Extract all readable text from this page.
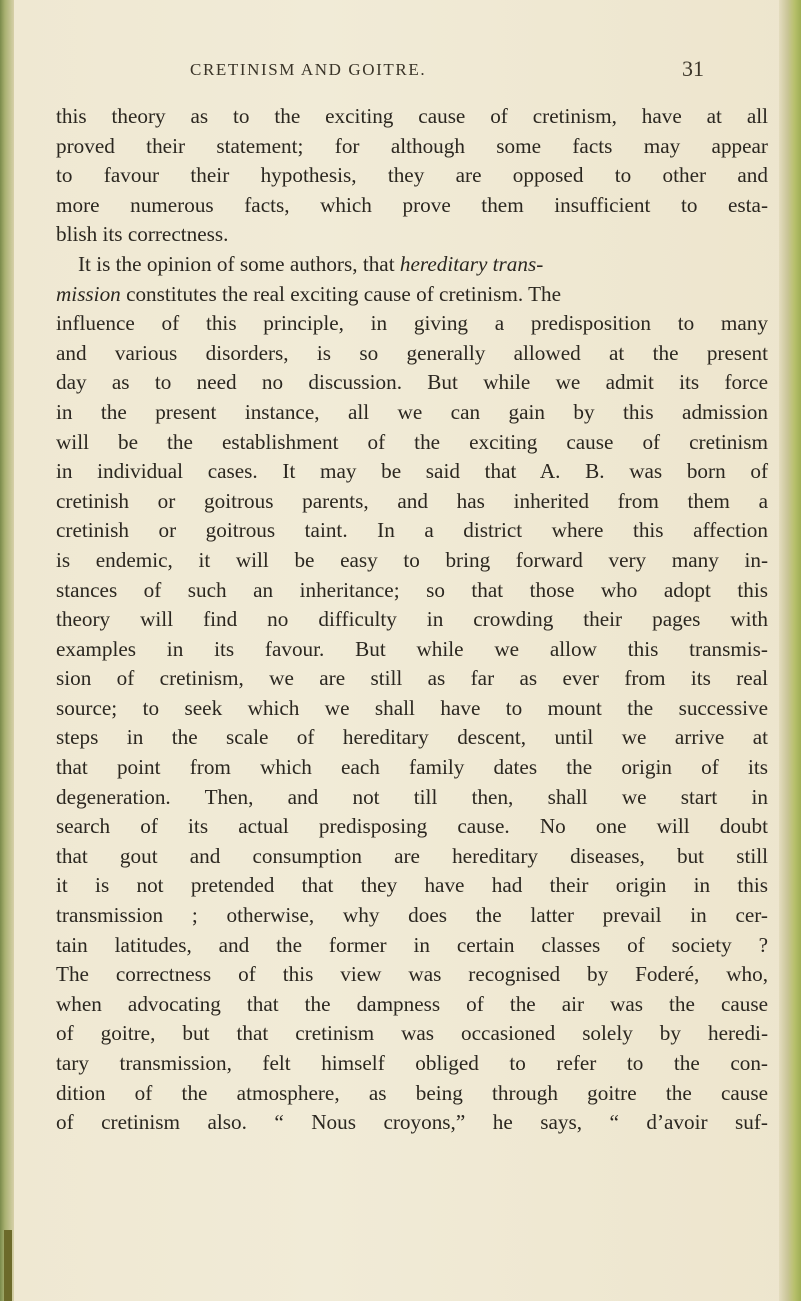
CRETINISM AND GOITRE.	31
this theory as to the exciting cause of cretinism, have at all
proved their statement; for although some facts may appear
to favour their hypothesis, they are opposed to other and
more numerous facts, which prove them insufficient to esta-
blish its correctness.
It is the opinion of some authors, that hereditary trans-
mission constitutes the real exciting cause of cretinism. The
influence of this principle, in giving a predisposition to many
and various disorders, is so generally allowed at the present
day as to need no discussion. But while we admit its force
in the present instance, all we can gain by this admission
will be the establishment of the exciting cause of cretinism
in individual cases. It may be said that A. B. was born of
cretinish or goitrous parents, and has inherited from them a
cretinish or goitrous taint. In a district where this affection
is endemic, it will be easy to bring forward very many in-
stances of such an inheritance; so that those who adopt this
theory will find no difficulty in crowding their pages with
examples in its favour. But while we allow this transmis-
sion of cretinism, we are still as far as ever from its real
source; to seek which we shall have to mount the successive
steps in the scale of hereditary descent, until we arrive at
that point from which each family dates the origin of its
degeneration. Then, and not till then, shall we start in
search of its actual predisposing cause. No one will doubt
that gout and consumption are hereditary diseases, but still
it is not pretended that they have had their origin in this
transmission ; otherwise, why does the latter prevail in cer-
tain latitudes, and the former in certain classes of society ?
The correctness of this view was recognised by Foderé, who,
when advocating that the dampness of the air was the cause
of goitre, but that cretinism was occasioned solely by heredi-
tary transmission, felt himself obliged to refer to the con-
dition of the atmosphere, as being through goitre the cause
of cretinism also. “ Nous croyons,” he says, “ d’avoir suf-
